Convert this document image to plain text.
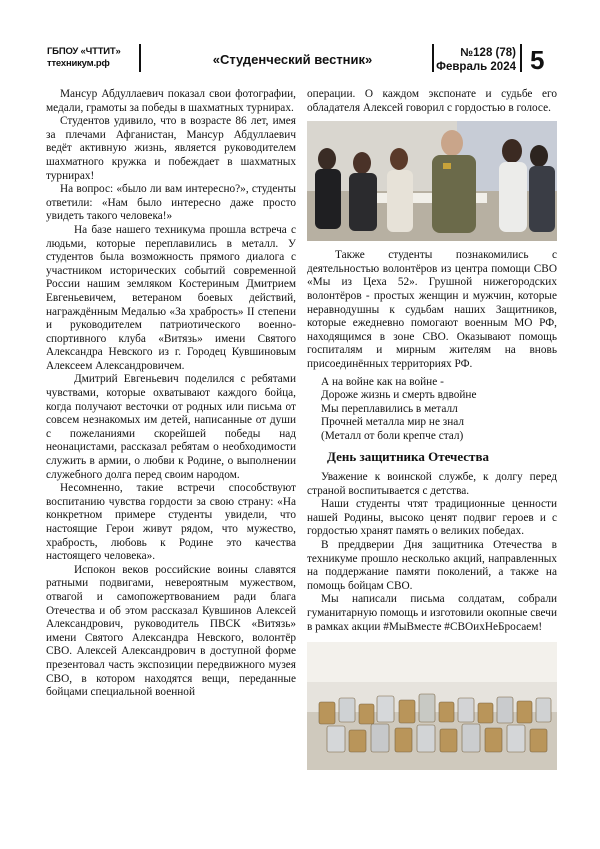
ГБПОУ «ЧТТИТ»
ттехникум.рф	«Студенческий вестник»	№128 (78)
Февраль 2024 5

Мансур Абдуллаевич показал свои фотографии, медали, грамоты за победы в шахматных турнирах.

Студентов удивило, что в возрасте 86 лет, имея за плечами Афганистан, Мансур Абдуллаевич ведёт активную жизнь, является руководителем шахматного кружка и побеждает в шахматных турнирах!

На вопрос: «было ли вам интересно?», студенты ответили: «Нам было интересно даже просто увидеть такого человека!»

На базе нашего техникума прошла встреча с людьми, которые переплавились в металл. У студентов была возможность прямого диалога с участником исторических событий современной России нашим земляком Костериным Дмитрием Евгеньевичем, ветераном боевых действий, награждённым Медалью «За храбрость» II степени и руководителем патриотического военно-спортивного клуба «Витязь» имени Святого Александра Невского из г. Городец Кувшиновым Алексеем Александровичем.

Дмитрий Евгеньевич поделился с ребятами чувствами, которые охватывают каждого бойца, когда получают весточки от родных или письма от совсем незнакомых им детей, написанные от души с пожеланиями скорейшей победы над неонацистами, рассказал ребятам о необходимости служить в армии, о любви к Родине, о выполнении служебного долга перед своим народом.

Несомненно, такие встречи способствуют воспитанию чувства гордости за свою страну: «На конкретном примере студенты увидели, что настоящие Герои живут рядом, что мужество, храбрость, любовь к Родине это качества настоящего человека».

Испокон веков российские воины славятся ратными подвигами, невероятным мужеством, отвагой и самопожертвованием ради блага Отечества и об этом рассказал Кувшинов Алексей Александрович, руководитель ПВСК «Витязь» имени Святого Александра Невского, волонтёр СВО. Алексей Александрович в доступной форме презентовал часть экспозиции передвижного музея СВО, в котором находятся вещи, переданные бойцами специальной военной

операции. О каждом экспонате и судьбе его обладателя Алексей говорил с гордостью в голосе.

Также студенты познакомились с деятельностью волонтёров из центра помощи СВО «Мы из Цеха 52». Грушной нижегородских волонтёров - простых женщин и мужчин, которые неравнодушны к судьбам наших Защитников, которые ежедневно помогают военным МО РФ, находящимся в зоне СВО. Оказывают помощь госпиталям и мирным жителям на вновь присоединённых территориях РФ.

А на войне как на войне -
Дороже жизнь и смерть вдвойне
Мы переплавились в металл
Прочней металла мир не знал
(Металл от боли крепче стал)
День защитника Отечества

Уважение к воинской службе, к долгу перед страной воспитывается с детства.

Наши студенты чтят традиционные ценности нашей Родины, высоко ценят подвиг героев и с гордостью хранят память о великих победах.

В преддверии Дня защитника Отечества в техникуме прошло несколько акций, направленных на поддержание памяти поколений, а также на помощь бойцам СВО.

Мы написали письма солдатам, собрали гуманитарную помощь и изготовили окопные свечи в рамках акции #МыВместе #СВОихНеБросаем!
